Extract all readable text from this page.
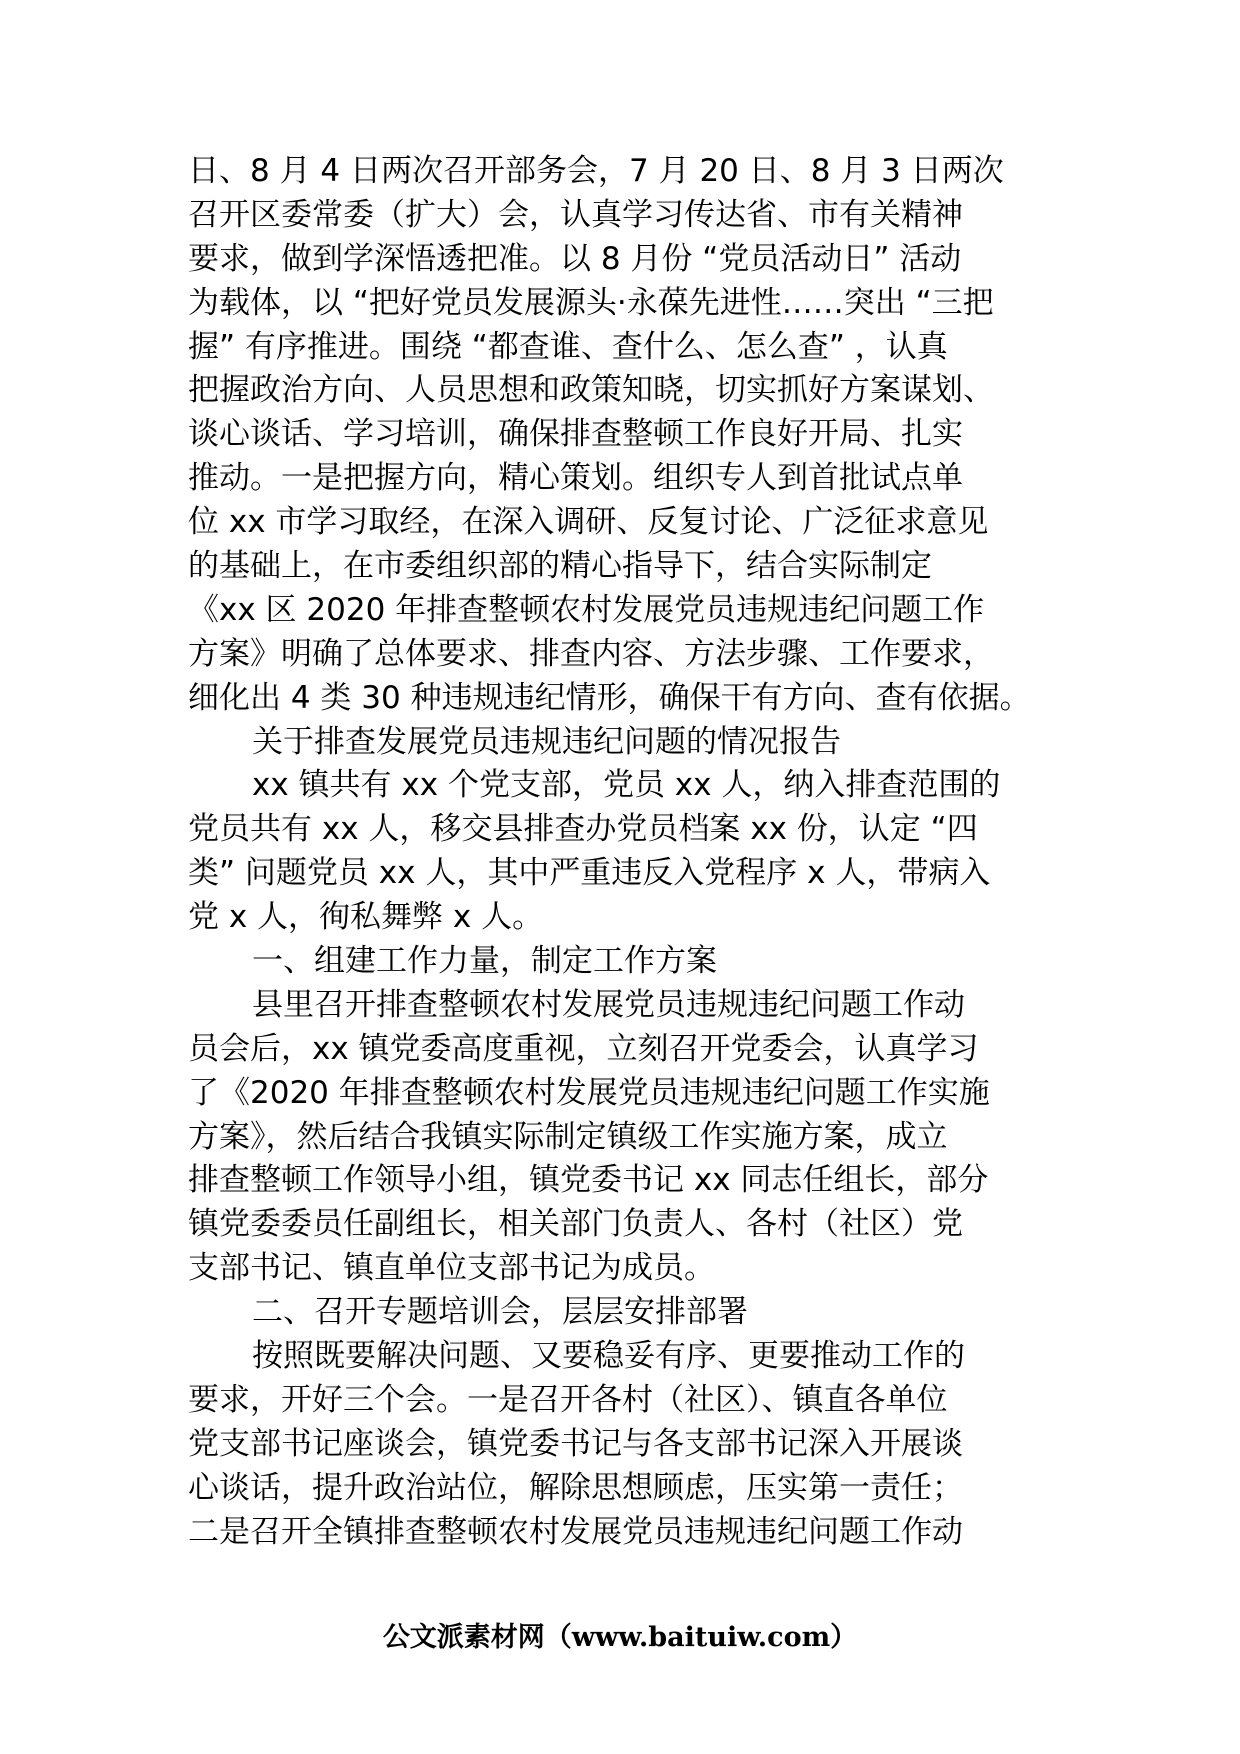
日、8 月 4 日两次召开部务会，7 月 20 日、8 月 3 日两次
召开区委常委（扩大）会，认真学习传达省、市有关精神
要求，做到学深悟透把准。以 8 月份 “党员活动日” 活动
为载体，以 “把好党员发展源头·永葆先进性……突出 “三把
握” 有序推进。围绕 “都查谁、查什么、怎么查” ，认真
把握政治方向、人员思想和政策知晓，切实抓好方案谋划、
谈心谈话、学习培训，确保排查整顿工作良好开局、扎实
推动。一是把握方向，精心策划。组织专人到首批试点单
位 xx 市学习取经，在深入调研、反复讨论、广泛征求意见
的基础上，在市委组织部的精心指导下，结合实际制定
《xx 区 2020 年排查整顿农村发展党员违规违纪问题工作
方案》明确了总体要求、排查内容、方法步骤、工作要求，
细化出 4 类 30 种违规违纪情形，确保干有方向、查有依据。
关于排查发展党员违规违纪问题的情况报告
xx 镇共有 xx 个党支部，党员 xx 人，纳入排查范围的
党员共有 xx 人，移交县排查办党员档案 xx 份，认定 “四
类” 问题党员 xx 人，其中严重违反入党程序 x 人，带病入
党 x 人，徇私舞弊 x 人。
一、组建工作力量，制定工作方案
县里召开排查整顿农村发展党员违规违纪问题工作动
员会后，xx 镇党委高度重视，立刻召开党委会，认真学习
了《2020 年排查整顿农村发展党员违规违纪问题工作实施
方案》，然后结合我镇实际制定镇级工作实施方案，成立
排查整顿工作领导小组，镇党委书记 xx 同志任组长，部分
镇党委委员任副组长，相关部门负责人、各村（社区）党
支部书记、镇直单位支部书记为成员。
二、召开专题培训会，层层安排部署
按照既要解决问题、又要稳妥有序、更要推动工作的
要求，开好三个会。一是召开各村（社区）、镇直各单位
党支部书记座谈会，镇党委书记与各支部书记深入开展谈
心谈话，提升政治站位，解除思想顾虑，压实第一责任；
二是召开全镇排查整顿农村发展党员违规违纪问题工作动
公文派素材网（www.baituiw.com）
